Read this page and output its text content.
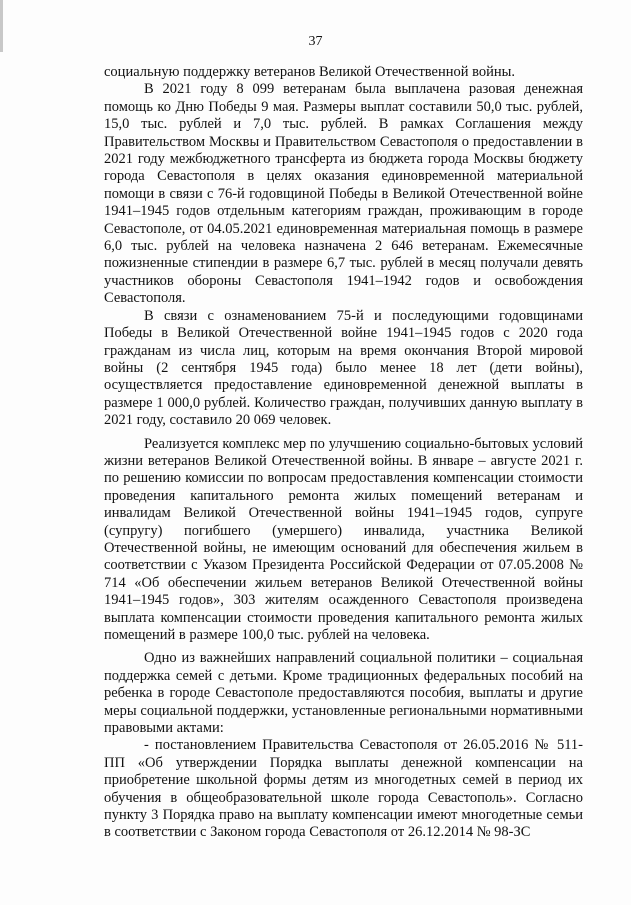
37

социальную поддержку ветеранов Великой Отечественной войны.

В 2021 году 8 099 ветеранам была выплачена разовая денежная помощь ко Дню Победы 9 мая. Размеры выплат составили 50,0 тыс. рублей, 15,0 тыс. рублей и 7,0 тыс. рублей. В рамках Соглашения между Правительством Москвы и Правительством Севастополя о предоставлении в 2021 году межбюджетного трансферта из бюджета города Москвы бюджету города Севастополя в целях оказания единовременной материальной помощи в связи с 76-й годовщиной Победы в Великой Отечественной войне 1941–1945 годов отдельным категориям граждан, проживающим в городе Севастополе, от 04.05.2021 единовременная материальная помощь в размере 6,0 тыс. рублей на человека назначена 2 646 ветеранам. Ежемесячные пожизненные стипендии в размере 6,7 тыс. рублей в месяц получали девять участников обороны Севастополя 1941–1942 годов и освобождения Севастополя.

В связи с ознаменованием 75-й и последующими годовщинами Победы в Великой Отечественной войне 1941–1945 годов с 2020 года гражданам из числа лиц, которым на время окончания Второй мировой войны (2 сентября 1945 года) было менее 18 лет (дети войны), осуществляется предоставление единовременной денежной выплаты в размере 1 000,0 рублей. Количество граждан, получивших данную выплату в 2021 году, составило 20 069 человек.

Реализуется комплекс мер по улучшению социально-бытовых условий жизни ветеранов Великой Отечественной войны. В январе – августе 2021 г. по решению комиссии по вопросам предоставления компенсации стоимости проведения капитального ремонта жилых помещений ветеранам и инвалидам Великой Отечественной войны 1941–1945 годов, супруге (супругу) погибшего (умершего) инвалида, участника Великой Отечественной войны, не имеющим оснований для обеспечения жильем в соответствии с Указом Президента Российской Федерации от 07.05.2008 № 714 «Об обеспечении жильем ветеранов Великой Отечественной войны 1941–1945 годов», 303 жителям осажденного Севастополя произведена выплата компенсации стоимости проведения капитального ремонта жилых помещений в размере 100,0 тыс. рублей на человека.

Одно из важнейших направлений социальной политики – социальная поддержка семей с детьми. Кроме традиционных федеральных пособий на ребенка в городе Севастополе предоставляются пособия, выплаты и другие меры социальной поддержки, установленные региональными нормативными правовыми актами:

- постановлением Правительства Севастополя от 26.05.2016 № 511-ПП «Об утверждении Порядка выплаты денежной компенсации на приобретение школьной формы детям из многодетных семей в период их обучения в общеобразовательной школе города Севастополь». Согласно пункту 3 Порядка право на выплату компенсации имеют многодетные семьи в соответствии с Законом города Севастополя от 26.12.2014 № 98-ЗС
